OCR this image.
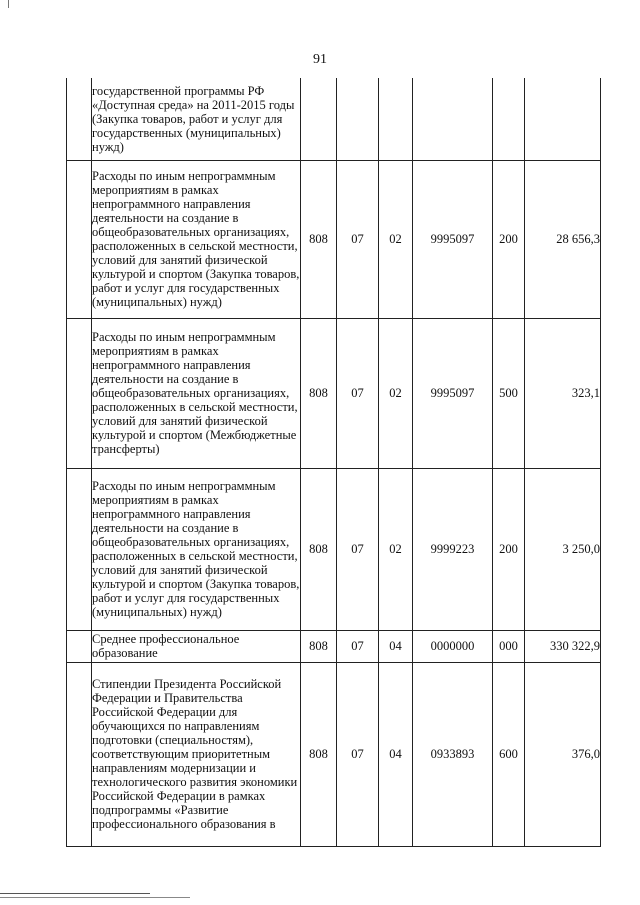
91
	государственной программы РФ «Доступная среда» на 2011-2015 годы (Закупка товаров, работ и услуг для государственных (муниципальных) нужд)						
	Расходы по иным непрограммным мероприятиям в рамках непрограммного направления деятельности на создание в общеобразовательных организациях, расположенных в сельской местности, условий для занятий физической культурой и спортом (Закупка товаров, работ и услуг для государственных (муниципальных) нужд)	808	07	02	9995097	200	28 656,3
	Расходы по иным непрограммным мероприятиям в рамках непрограммного направления деятельности на создание в общеобразовательных организациях, расположенных в сельской местности, условий для занятий физической культурой и спортом (Межбюджетные трансферты)	808	07	02	9995097	500	323,1
	Расходы по иным непрограммным мероприятиям в рамках непрограммного направления деятельности на создание в общеобразовательных организациях, расположенных в сельской местности, условий для занятий физической культурой и спортом (Закупка товаров, работ и услуг для государственных (муниципальных) нужд)	808	07	02	9999223	200	3 250,0
	Среднее профессиональное образование	808	07	04	0000000	000	330 322,9
	Стипендии Президента Российской Федерации и Правительства Российской Федерации для обучающихся по направлениям подготовки (специальностям), соответствующим приоритетным направлениям модернизации и технологического развития экономики Российской Федерации в рамках подпрограммы «Развитие профессионального образования в	808	07	04	0933893	600	376,0
